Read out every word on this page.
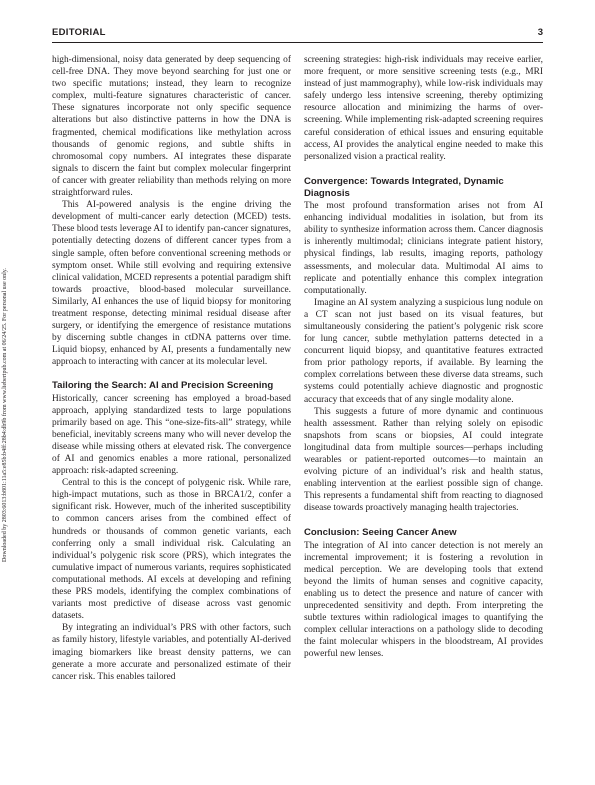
EDITORIAL	3
Downloaded by 2803:6013:b801:11a5:e85b:b4ff:28b4:db9b from www.liebertpub.com at 06/24/25. For personal use only.

high-dimensional, noisy data generated by deep sequencing of cell-free DNA. They move beyond searching for just one or two specific mutations; instead, they learn to recognize complex, multi-feature signatures characteristic of cancer. These signatures incorporate not only specific sequence alterations but also distinctive patterns in how the DNA is fragmented, chemical modifications like methylation across thousands of genomic regions, and subtle shifts in chromosomal copy numbers. AI integrates these disparate signals to discern the faint but complex molecular fingerprint of cancer with greater reliability than methods relying on more straightforward rules.

This AI-powered analysis is the engine driving the development of multi-cancer early detection (MCED) tests. These blood tests leverage AI to identify pan-cancer signatures, potentially detecting dozens of different cancer types from a single sample, often before conventional screening methods or symptom onset. While still evolving and requiring extensive clinical validation, MCED represents a potential paradigm shift towards proactive, blood-based molecular surveillance. Similarly, AI enhances the use of liquid biopsy for monitoring treatment response, detecting minimal residual disease after surgery, or identifying the emergence of resistance mutations by discerning subtle changes in ctDNA patterns over time. Liquid biopsy, enhanced by AI, presents a fundamentally new approach to interacting with cancer at its molecular level.

Tailoring the Search: AI and Precision Screening

Historically, cancer screening has employed a broad-based approach, applying standardized tests to large populations primarily based on age. This “one-size-fits-all” strategy, while beneficial, inevitably screens many who will never develop the disease while missing others at elevated risk. The convergence of AI and genomics enables a more rational, personalized approach: risk-adapted screening.

Central to this is the concept of polygenic risk. While rare, high-impact mutations, such as those in BRCA1/2, confer a significant risk. However, much of the inherited susceptibility to common cancers arises from the combined effect of hundreds or thousands of common genetic variants, each conferring only a small individual risk. Calculating an individual’s polygenic risk score (PRS), which integrates the cumulative impact of numerous variants, requires sophisticated computational methods. AI excels at developing and refining these PRS models, identifying the complex combinations of variants most predictive of disease across vast genomic datasets.

By integrating an individual’s PRS with other factors, such as family history, lifestyle variables, and potentially AI-derived imaging biomarkers like breast density patterns, we can generate a more accurate and personalized estimate of their cancer risk. This enables tailored

screening strategies: high-risk individuals may receive earlier, more frequent, or more sensitive screening tests (e.g., MRI instead of just mammography), while low-risk individuals may safely undergo less intensive screening, thereby optimizing resource allocation and minimizing the harms of over-screening. While implementing risk-adapted screening requires careful consideration of ethical issues and ensuring equitable access, AI provides the analytical engine needed to make this personalized vision a practical reality.

Convergence: Towards Integrated, Dynamic Diagnosis

The most profound transformation arises not from AI enhancing individual modalities in isolation, but from its ability to synthesize information across them. Cancer diagnosis is inherently multimodal; clinicians integrate patient history, physical findings, lab results, imaging reports, pathology assessments, and molecular data. Multimodal AI aims to replicate and potentially enhance this complex integration computationally.

Imagine an AI system analyzing a suspicious lung nodule on a CT scan not just based on its visual features, but simultaneously considering the patient’s polygenic risk score for lung cancer, subtle methylation patterns detected in a concurrent liquid biopsy, and quantitative features extracted from prior pathology reports, if available. By learning the complex correlations between these diverse data streams, such systems could potentially achieve diagnostic and prognostic accuracy that exceeds that of any single modality alone.

This suggests a future of more dynamic and continuous health assessment. Rather than relying solely on episodic snapshots from scans or biopsies, AI could integrate longitudinal data from multiple sources—perhaps including wearables or patient-reported outcomes—to maintain an evolving picture of an individual’s risk and health status, enabling intervention at the earliest possible sign of change. This represents a fundamental shift from reacting to diagnosed disease towards proactively managing health trajectories.

Conclusion: Seeing Cancer Anew

The integration of AI into cancer detection is not merely an incremental improvement; it is fostering a revolution in medical perception. We are developing tools that extend beyond the limits of human senses and cognitive capacity, enabling us to detect the presence and nature of cancer with unprecedented sensitivity and depth. From interpreting the subtle textures within radiological images to quantifying the complex cellular interactions on a pathology slide to decoding the faint molecular whispers in the bloodstream, AI provides powerful new lenses.
